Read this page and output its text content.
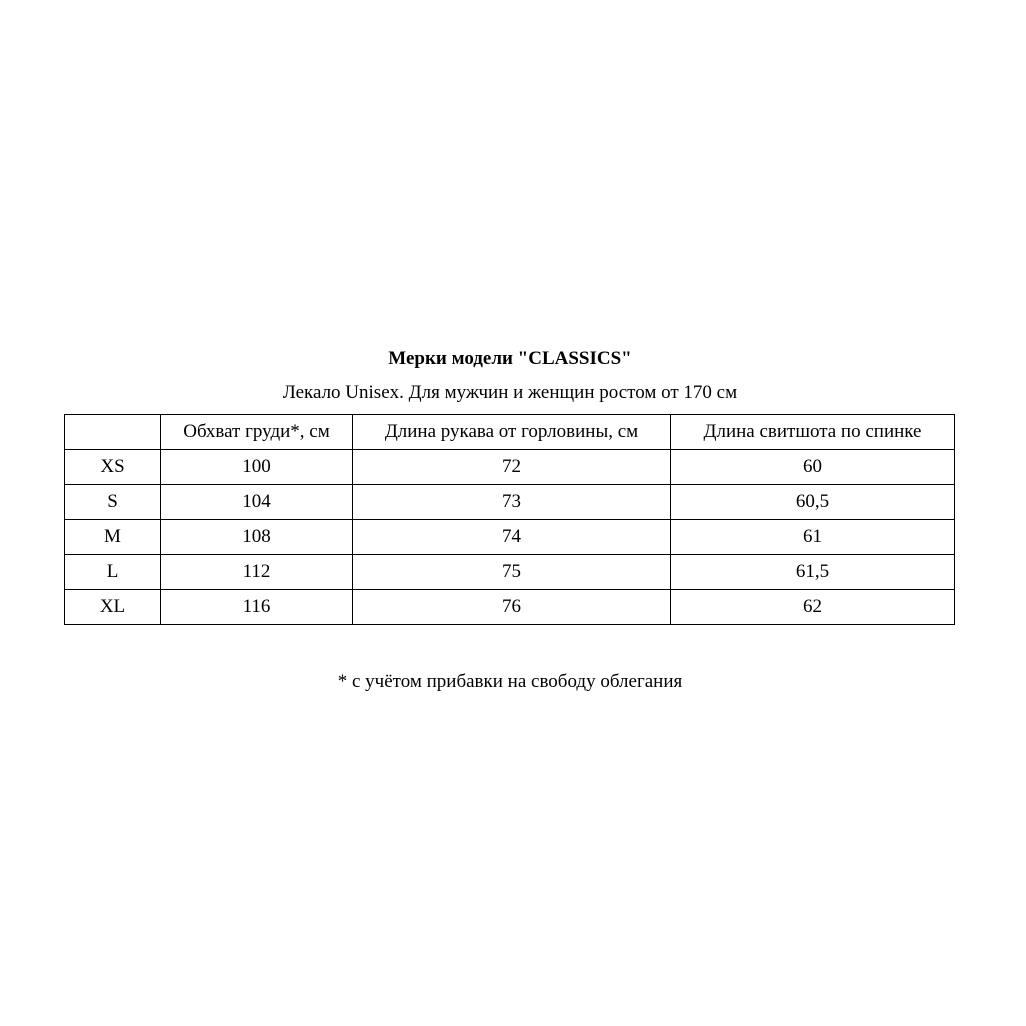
Мерки модели "CLASSICS"
Лекало Unisex. Для мужчин и женщин ростом от 170 см
	Обхват груди*, см	Длина рукава от горловины, см	Длина свитшота по спинке
XS	100	72	60
S	104	73	60,5
M	108	74	61
L	112	75	61,5
XL	116	76	62
* с учётом прибавки на свободу облегания
